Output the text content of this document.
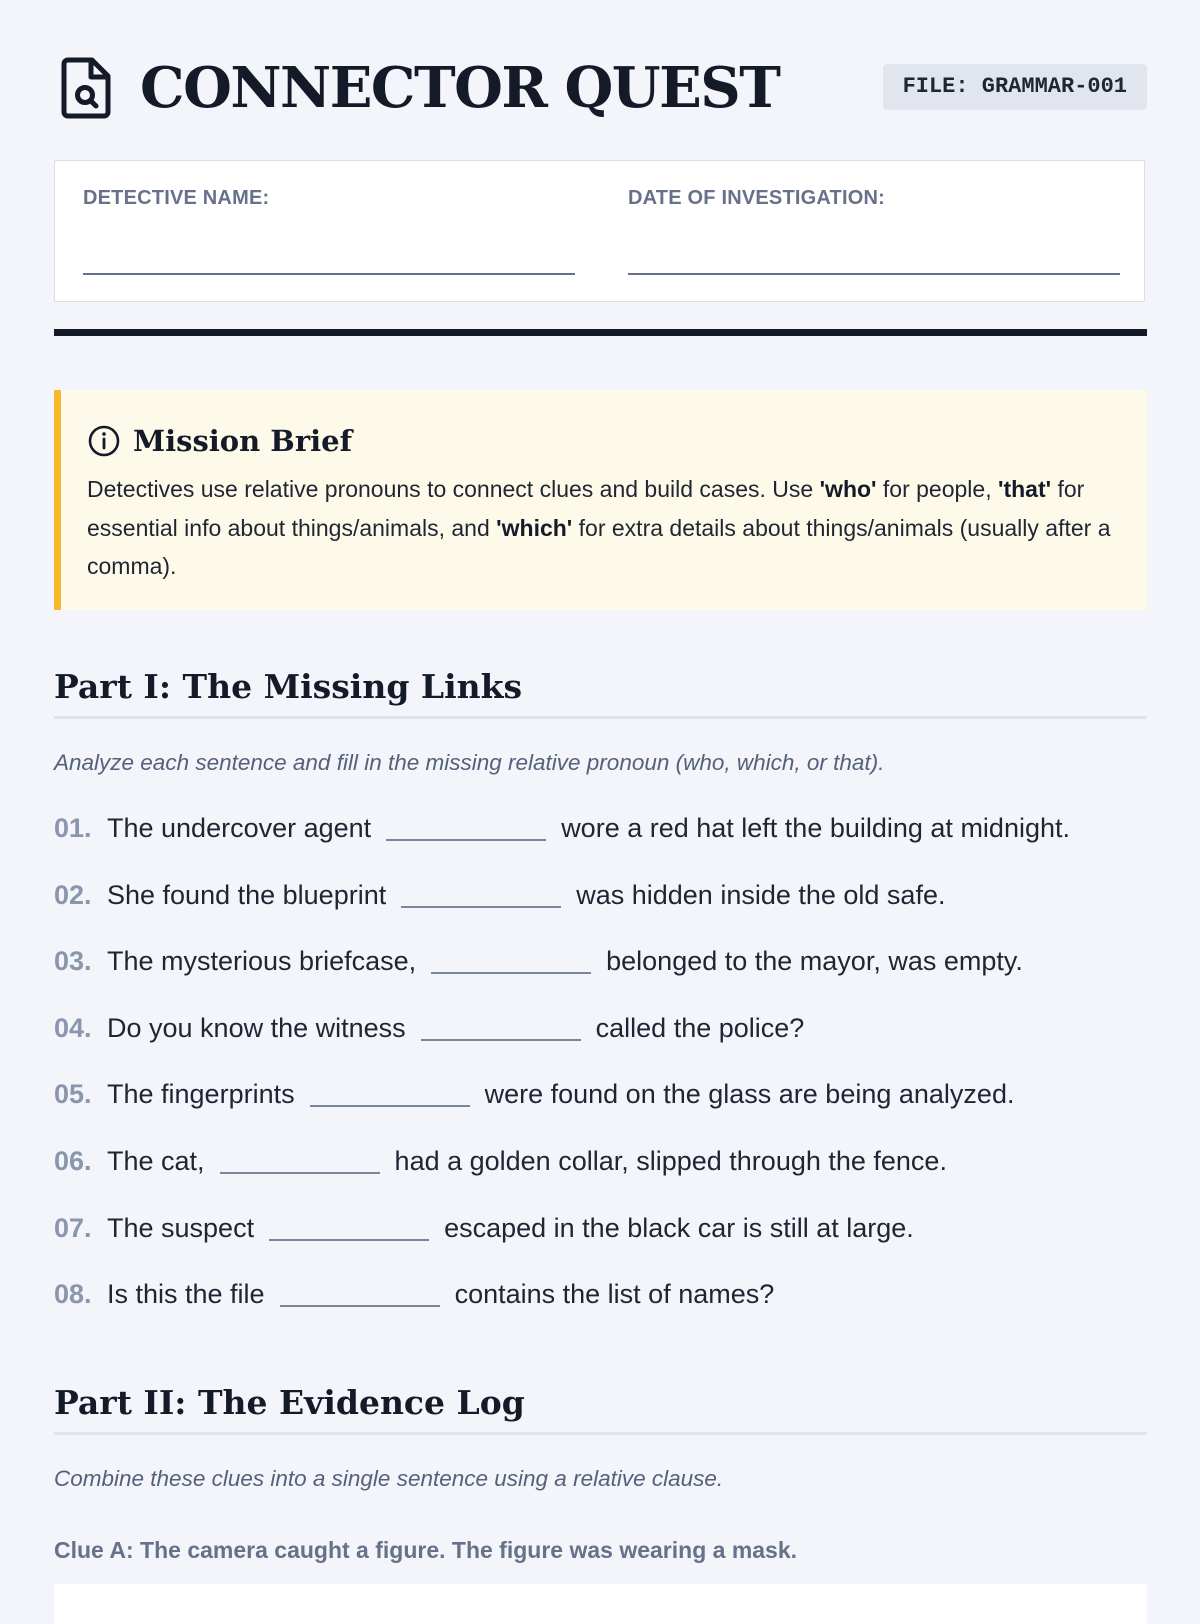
CONNECTOR QUEST	FILE: GRAMMAR-001
DETECTIVE NAME:	DATE OF INVESTIGATION:
Mission Brief

Detectives use relative pronouns to connect clues and build cases. Use 'who' for people, 'that' for essential info about things/animals, and 'which' for extra details about things/animals (usually after a comma).

Part I: The Missing Links

Analyze each sentence and fill in the missing relative pronoun (who, which, or that).

01. The undercover agent	wore a red hat left the building at midnight.
02. She found the blueprint	was hidden inside the old safe.
03. The mysterious briefcase,	belonged to the mayor, was empty.
04. Do you know the witness	called the police?
05. The fingerprints	were found on the glass are being analyzed.
06. The cat,	had a golden collar, slipped through the fence.
07. The suspect	escaped in the black car is still at large.
08. Is this the file	contains the list of names?
Part II: The Evidence Log

Combine these clues into a single sentence using a relative clause.

Clue A: The camera caught a figure. The figure was wearing a mask.
